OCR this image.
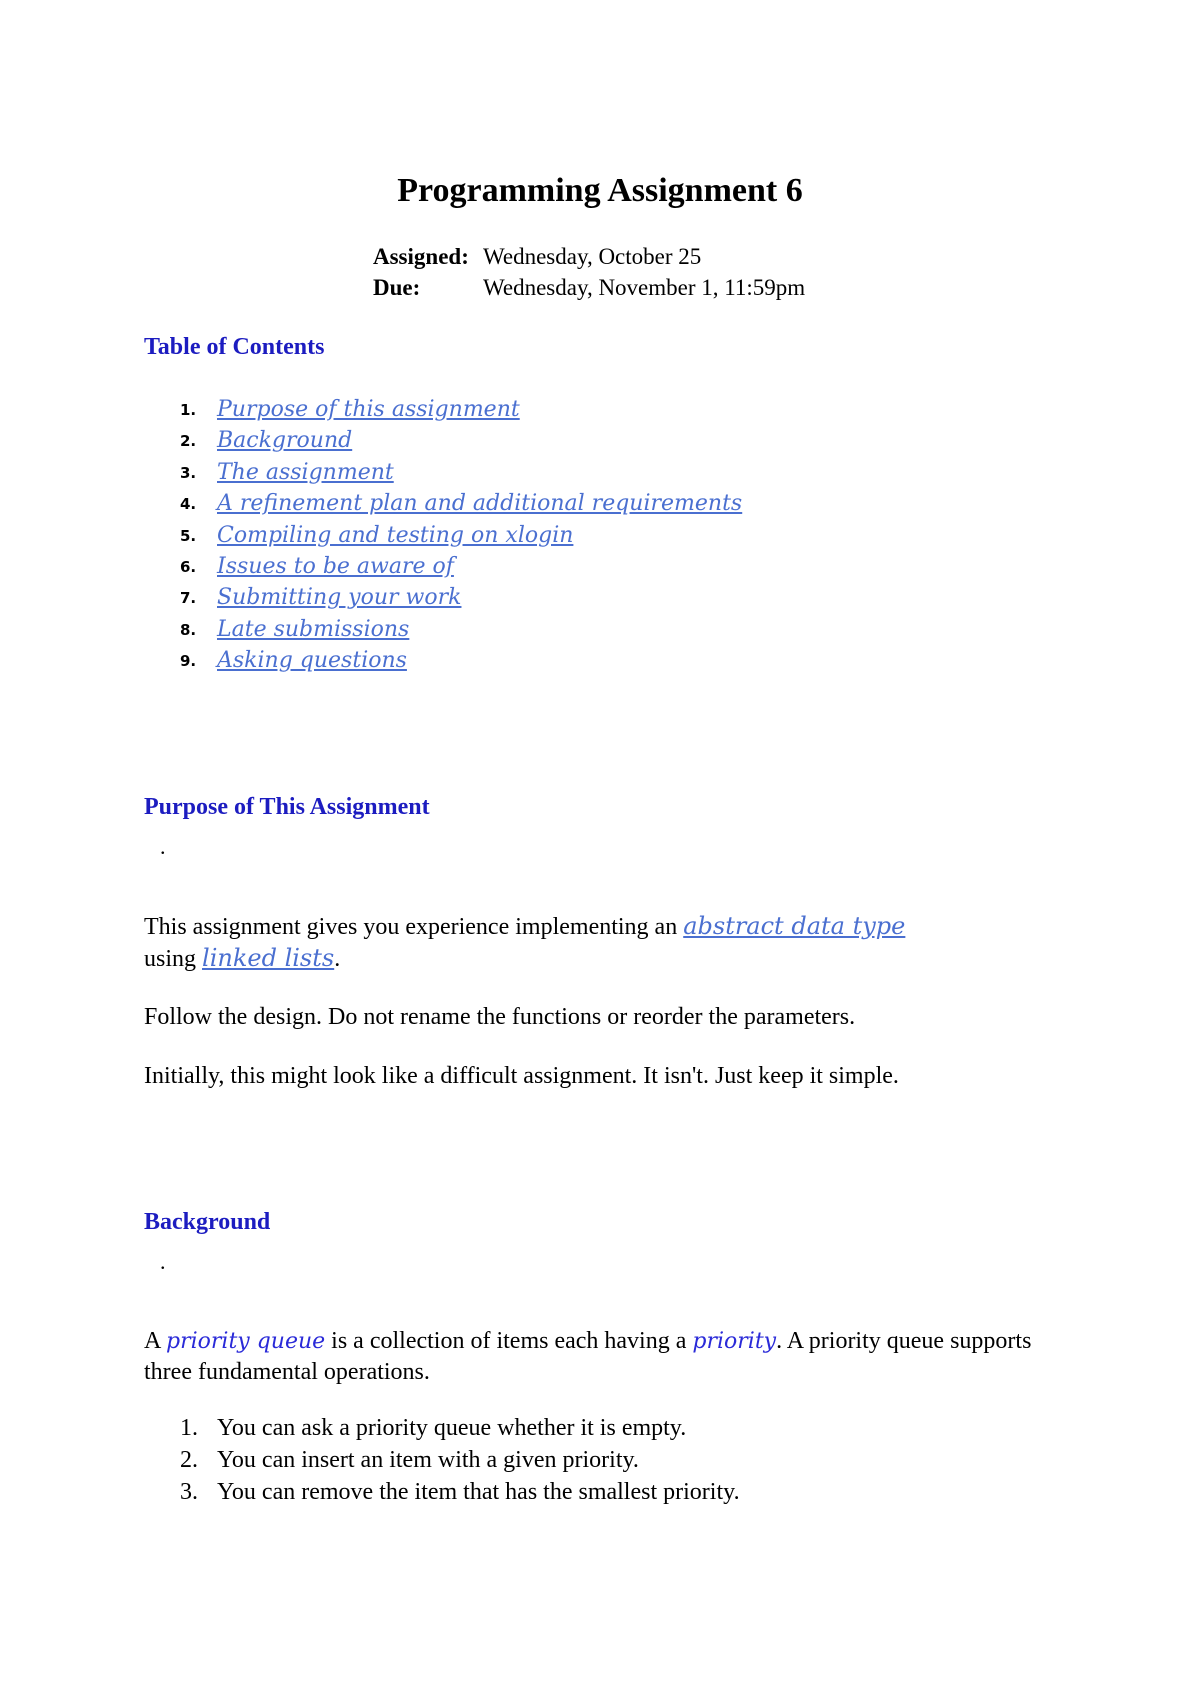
Programming Assignment 6
Assigned:	Wednesday, October 25
Due:	Wednesday, November 1, 11:59pm
Table of Contents
1. Purpose of this assignment
2. Background
3. The assignment
4. A refinement plan and additional requirements
5. Compiling and testing on xlogin
6. Issues to be aware of
7. Submitting your work
8. Late submissions
9. Asking questions
Purpose of This Assignment
.

This assignment gives you experience implementing an abstract data type using linked lists.

Follow the design. Do not rename the functions or reorder the parameters.

Initially, this might look like a difficult assignment. It isn't. Just keep it simple.

Background
.

A priority queue is a collection of items each having a priority. A priority queue supports three fundamental operations.

1. You can ask a priority queue whether it is empty.
2. You can insert an item with a given priority.
3. You can remove the item that has the smallest priority.
